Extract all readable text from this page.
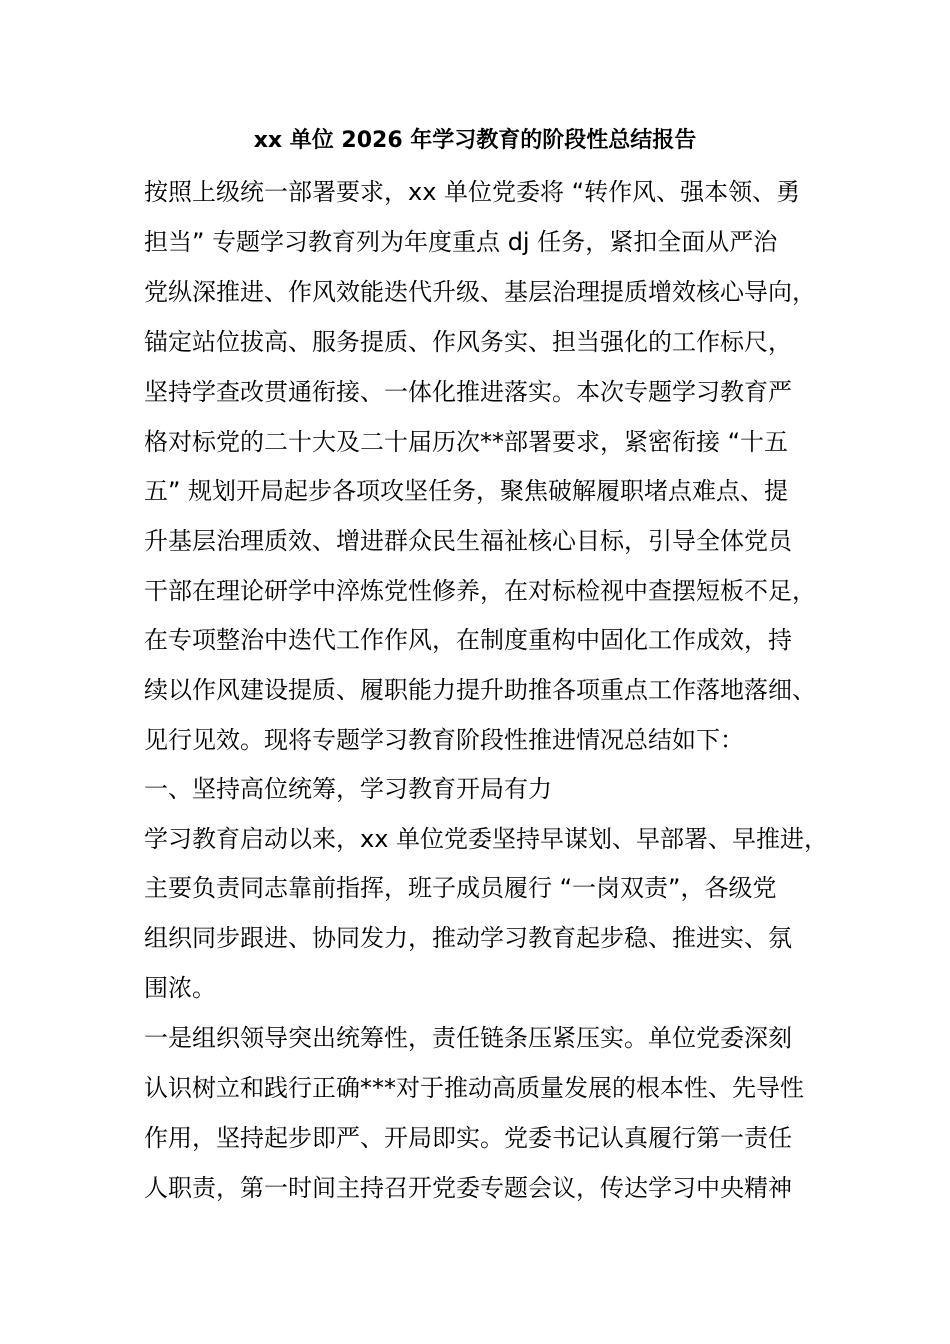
xx 单位 2026 年学习教育的阶段性总结报告
按照上级统一部署要求，xx 单位党委将 “转作风、强本领、勇
担当” 专题学习教育列为年度重点 dj 任务，紧扣全面从严治
党纵深推进、作风效能迭代升级、基层治理提质增效核心导向，
锚定站位拔高、服务提质、作风务实、担当强化的工作标尺，
坚持学查改贯通衔接、一体化推进落实。本次专题学习教育严
格对标党的二十大及二十届历次**部署要求，紧密衔接 “十五
五” 规划开局起步各项攻坚任务，聚焦破解履职堵点难点、提
升基层治理质效、增进群众民生福祉核心目标，引导全体党员
干部在理论研学中淬炼党性修养，在对标检视中查摆短板不足，
在专项整治中迭代工作作风，在制度重构中固化工作成效，持
续以作风建设提质、履职能力提升助推各项重点工作落地落细、
见行见效。现将专题学习教育阶段性推进情况总结如下：
一、坚持高位统筹，学习教育开局有力
学习教育启动以来，xx 单位党委坚持早谋划、早部署、早推进，
主要负责同志靠前指挥，班子成员履行 “一岗双责”，各级党
组织同步跟进、协同发力，推动学习教育起步稳、推进实、氛
围浓。
一是组织领导突出统筹性，责任链条压紧压实。单位党委深刻
认识树立和践行正确***对于推动高质量发展的根本性、先导性
作用，坚持起步即严、开局即实。党委书记认真履行第一责任
人职责，第一时间主持召开党委专题会议，传达学习中央精神
